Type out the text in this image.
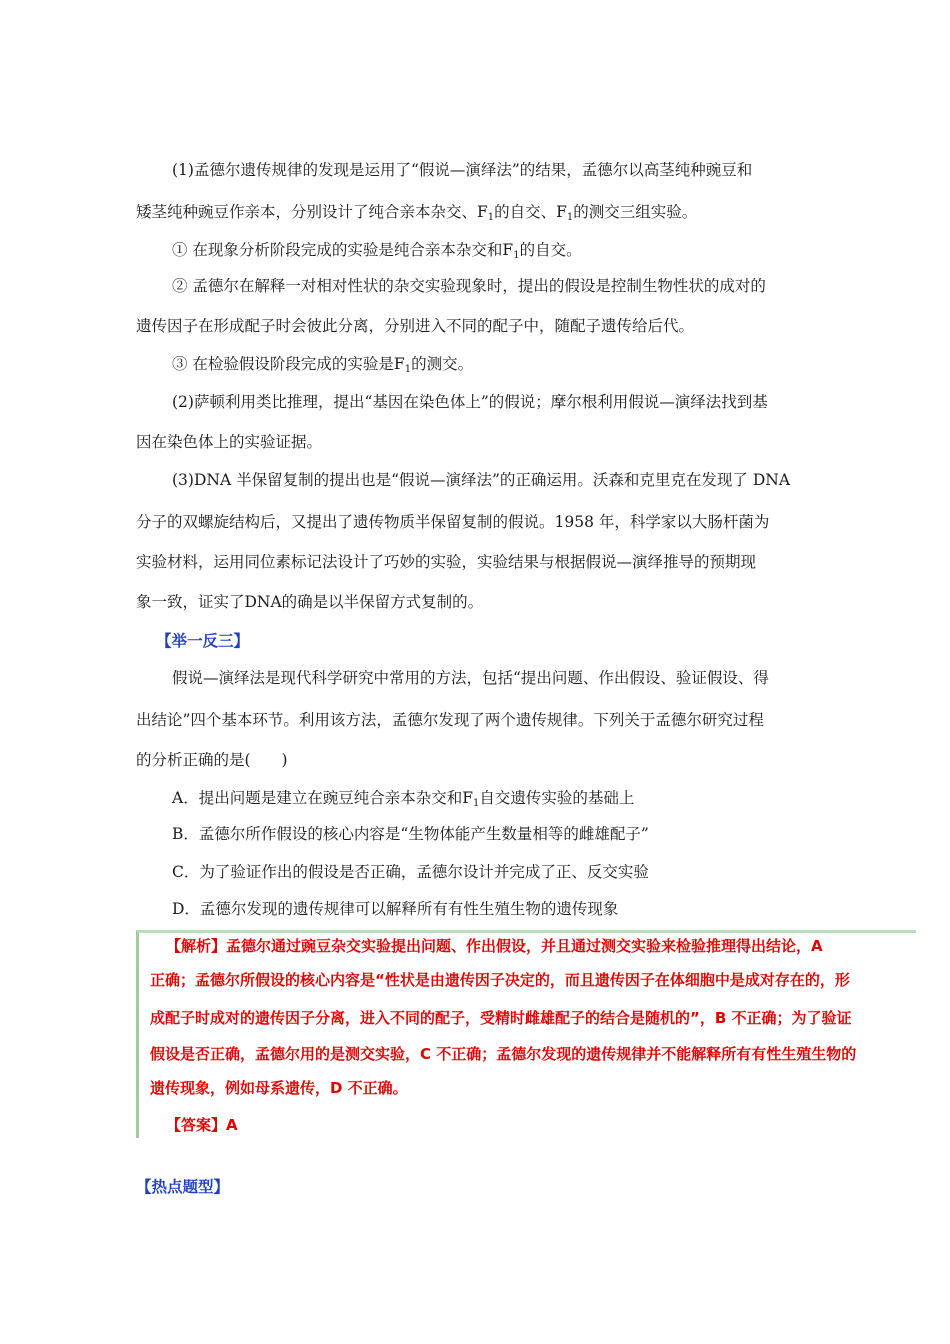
(1)孟德尔遗传规律的发现是运用了“假说—演绎法”的结果，孟德尔以高茎纯种豌豆和
矮茎纯种豌豆作亲本，分别设计了纯合亲本杂交、$F_1$的自交、$F_1$的测交三组实验。
① 在现象分析阶段完成的实验是纯合亲本杂交和$F_1$的自交。
② 孟德尔在解释一对相对性状的杂交实验现象时，提出的假设是控制生物性状的成对的
遗传因子在形成配子时会彼此分离，分别进入不同的配子中，随配子遗传给后代。
③ 在检验假设阶段完成的实验是$F_1$的测交。
(2)萨顿利用类比推理，提出“基因在染色体上”的假说；摩尔根利用假说—演绎法找到基
因在染色体上的实验证据。
(3)DNA 半保留复制的提出也是“假说—演绎法”的正确运用。沃森和克里克在发现了 DNA
分子的双螺旋结构后，又提出了遗传物质半保留复制的假说。1958 年，科学家以大肠杆菌为
实验材料，运用同位素标记法设计了巧妙的实验，实验结果与根据假说—演绎推导的预期现
象一致，证实了DNA的确是以半保留方式复制的。
【举一反三】
假说—演绎法是现代科学研究中常用的方法，包括“提出问题、作出假设、验证假设、得
出结论”四个基本环节。利用该方法，孟德尔发现了两个遗传规律。下列关于孟德尔研究过程
的分析正确的是(　　)
A．提出问题是建立在豌豆纯合亲本杂交和$F_1$自交遗传实验的基础上
B．孟德尔所作假设的核心内容是“生物体能产生数量相等的雌雄配子”
C．为了验证作出的假设是否正确，孟德尔设计并完成了正、反交实验
D．孟德尔发现的遗传规律可以解释所有有性生殖生物的遗传现象
【解析】孟德尔通过豌豆杂交实验提出问题、作出假设，并且通过测交实验来检验推理得出结论，A
正确；孟德尔所假设的核心内容是“性状是由遗传因子决定的，而且遗传因子在体细胞中是成对存在的，形
成配子时成对的遗传因子分离，进入不同的配子，受精时雌雄配子的结合是随机的”，B 不正确；为了验证
假设是否正确，孟德尔用的是测交实验，C 不正确；孟德尔发现的遗传规律并不能解释所有有性生殖生物的
遗传现象，例如母系遗传，D 不正确。
【答案】A
【热点题型】
